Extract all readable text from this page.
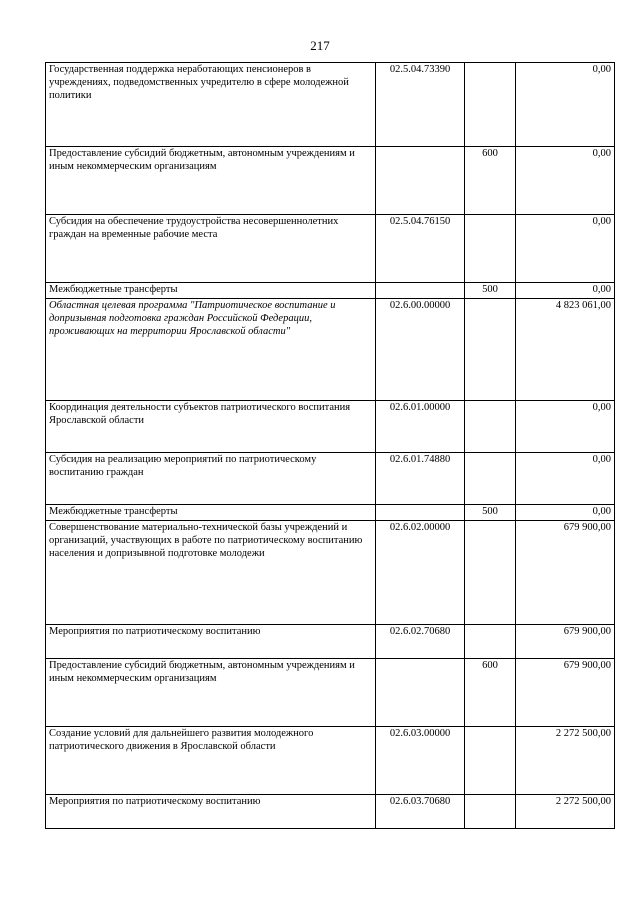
217
Государственная поддержка неработающих пенсионеров в учреждениях, подведомственных учредителю в сфере молодежной политики	02.5.04.73390		0,00
Предоставление субсидий бюджетным, автономным учреждениям и иным некоммерческим организациям		600	0,00
Субсидия на обеспечение трудоустройства несовершеннолетних граждан на временные рабочие места	02.5.04.76150		0,00
Межбюджетные трансферты		500	0,00
Областная целевая программа "Патриотическое воспитание и допризывная подготовка граждан Российской Федерации, проживающих на территории Ярославской области"	02.6.00.00000		4 823 061,00
Координация деятельности субъектов патриотического воспитания Ярославской области	02.6.01.00000		0,00
Субсидия на реализацию мероприятий по патриотическому воспитанию граждан	02.6.01.74880		0,00
Межбюджетные трансферты		500	0,00
Совершенствование материально-технической базы учреждений и организаций, участвующих в работе по патриотическому воспитанию населения и допризывной подготовке молодежи	02.6.02.00000		679 900,00
Мероприятия по патриотическому воспитанию	02.6.02.70680		679 900,00
Предоставление субсидий бюджетным, автономным учреждениям и иным некоммерческим организациям		600	679 900,00
Создание условий для дальнейшего развития молодежного патриотического движения в Ярославской области	02.6.03.00000		2 272 500,00
Мероприятия по патриотическому воспитанию	02.6.03.70680		2 272 500,00
